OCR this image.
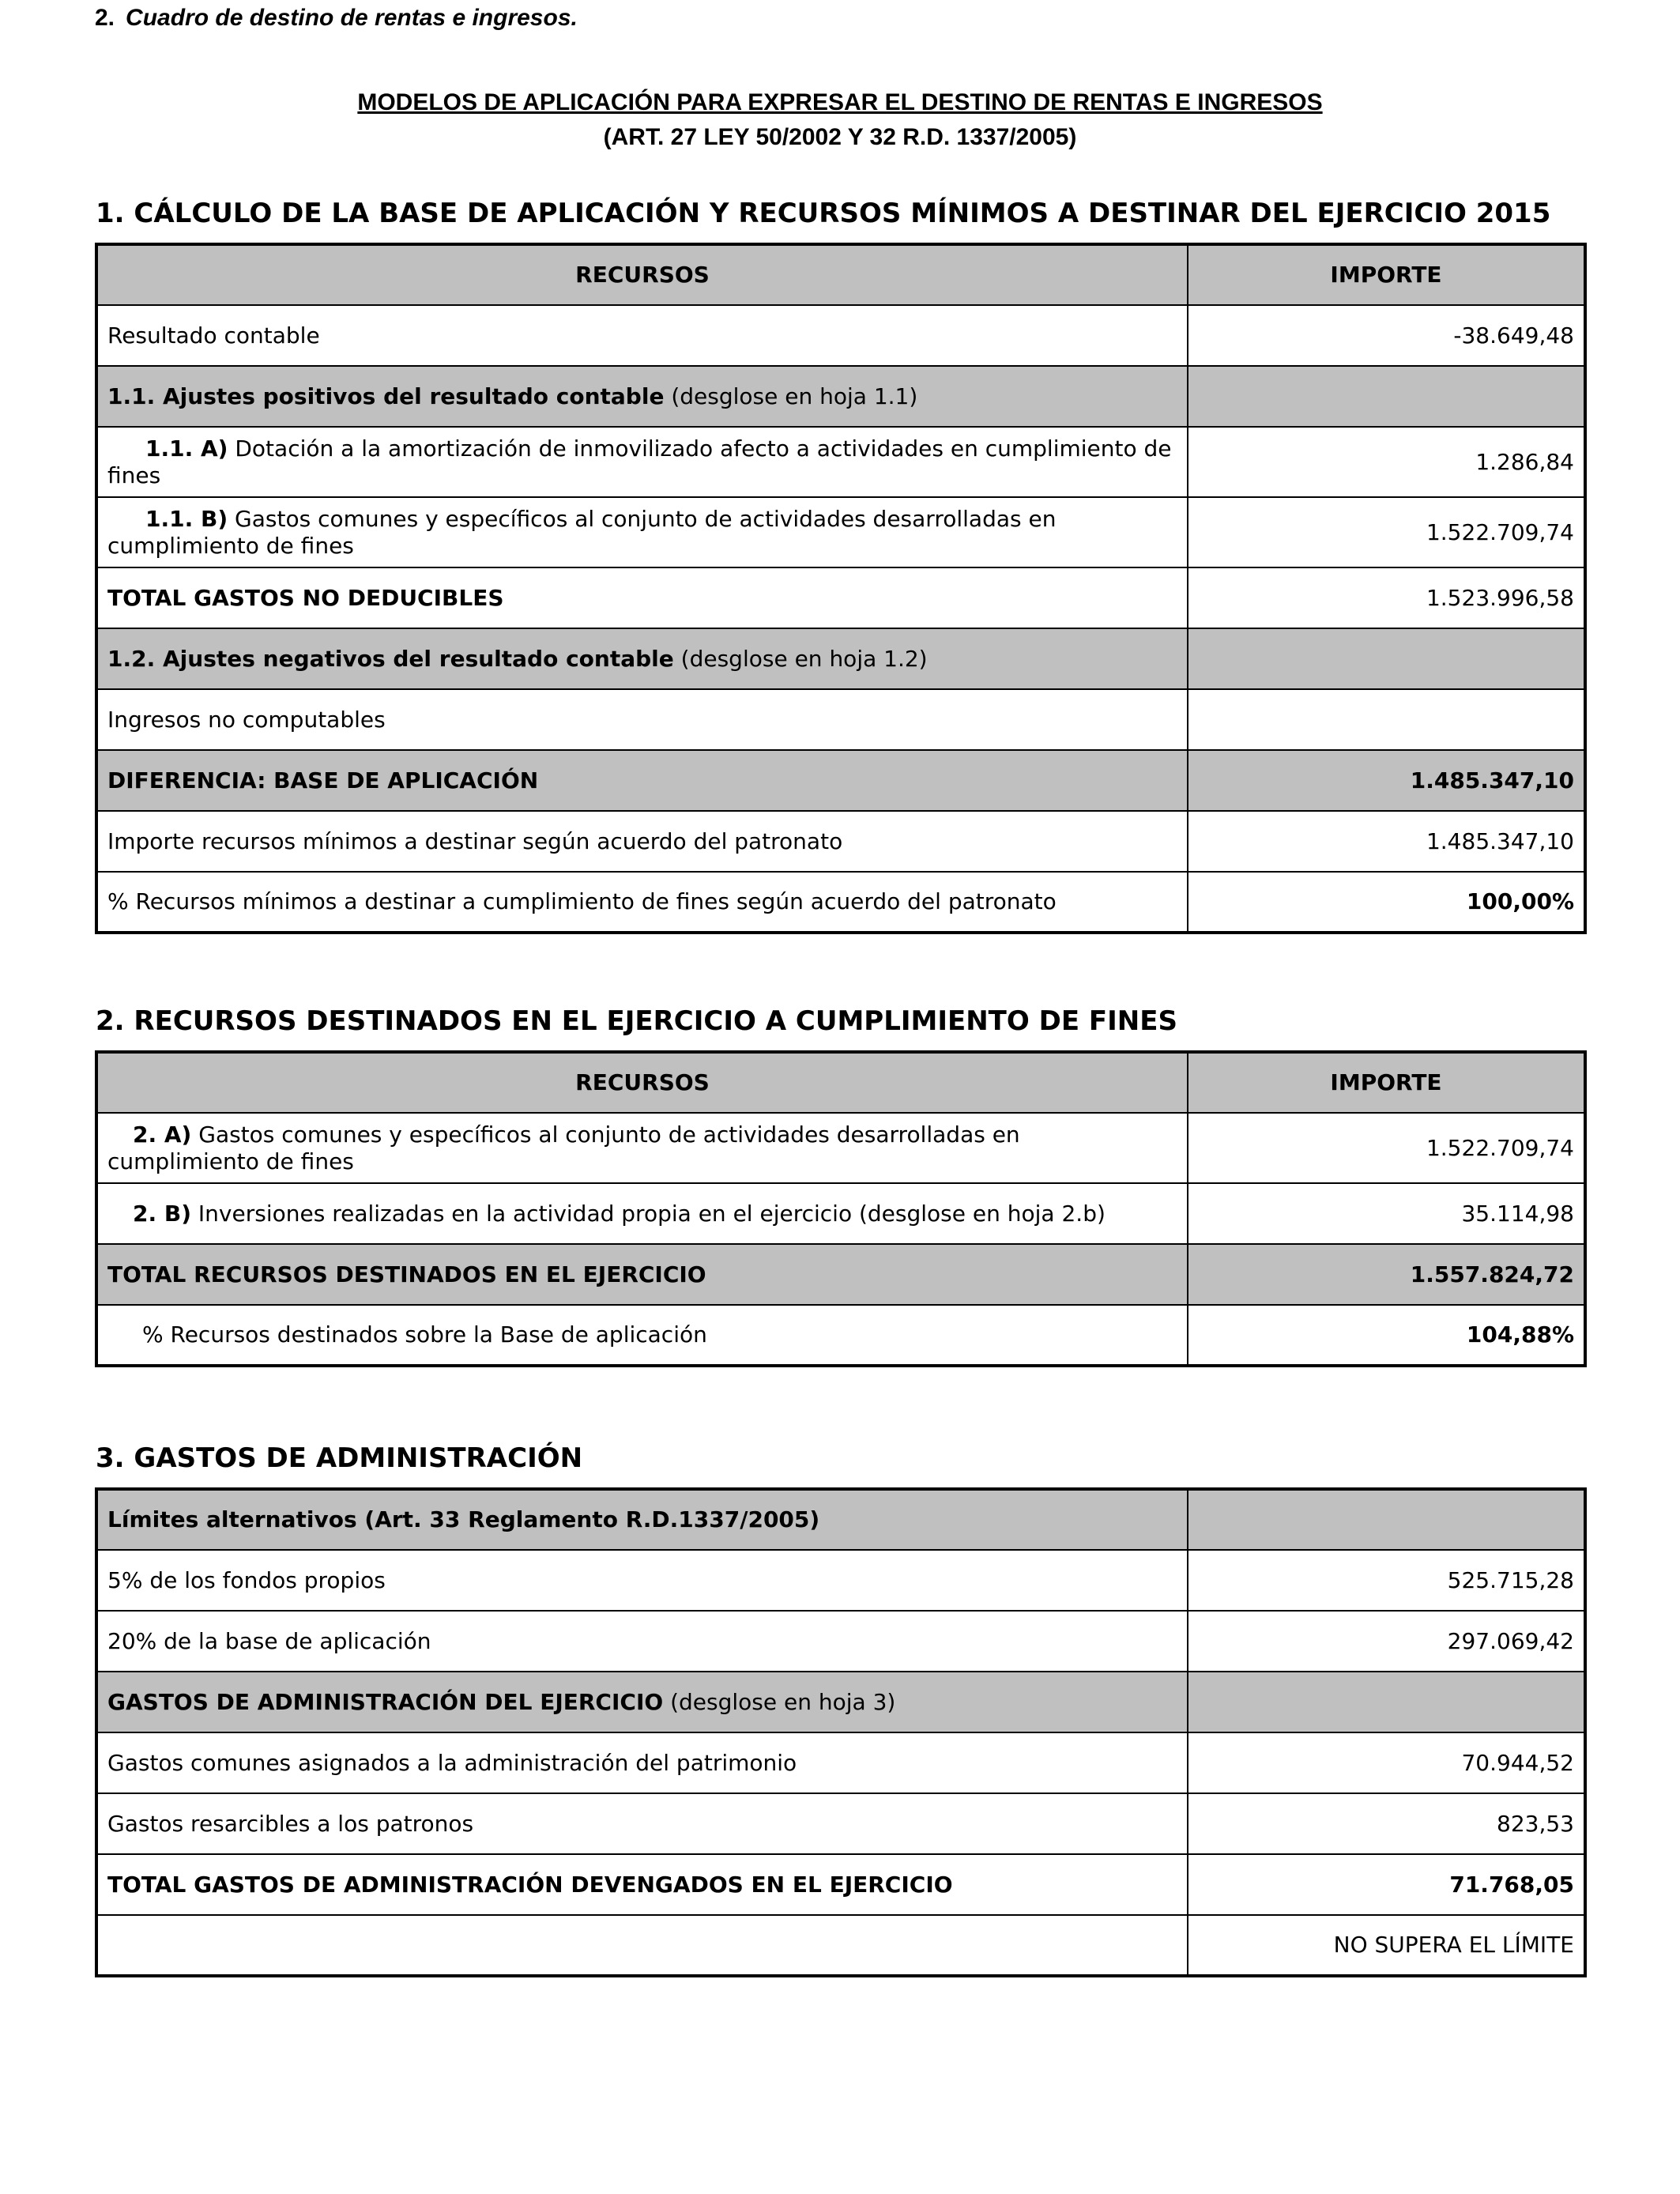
2. Cuadro de destino de rentas e ingresos.
MODELOS DE APLICACIÓN PARA EXPRESAR EL DESTINO DE RENTAS E INGRESOS
(ART. 27 LEY 50/2002 Y 32 R.D. 1337/2005)
1. CÁLCULO DE LA BASE DE APLICACIÓN Y RECURSOS MÍNIMOS A DESTINAR DEL EJERCICIO 2015
RECURSOS	IMPORTE
Resultado contable	-38.649,48
1.1. Ajustes positivos del resultado contable (desglose en hoja 1.1)	

1.1. A) Dotación a la amortización de inmovilizado afecto a actividades en cumplimiento de fines	1.286,84

1.1. B) Gastos comunes y específicos al conjunto de actividades desarrolladas en cumplimiento de fines	1.522.709,74
TOTAL GASTOS NO DEDUCIBLES	1.523.996,58
1.2. Ajustes negativos del resultado contable (desglose en hoja 1.2)	
Ingresos no computables	
DIFERENCIA: BASE DE APLICACIÓN	1.485.347,10
Importe recursos mínimos a destinar según acuerdo del patronato	1.485.347,10
% Recursos mínimos a destinar a cumplimiento de fines según acuerdo del patronato	100,00%
2. RECURSOS DESTINADOS EN EL EJERCICIO A CUMPLIMIENTO DE FINES
RECURSOS	IMPORTE

2. A) Gastos comunes y específicos al conjunto de actividades desarrolladas en cumplimiento de fines	1.522.709,74

2. B) Inversiones realizadas en la actividad propia en el ejercicio (desglose en hoja 2.b)	35.114,98
TOTAL RECURSOS DESTINADOS EN EL EJERCICIO	1.557.824,72
% Recursos destinados sobre la Base de aplicación	104,88%
3. GASTOS DE ADMINISTRACIÓN
Límites alternativos (Art. 33 Reglamento R.D.1337/2005)	
5% de los fondos propios	525.715,28
20% de la base de aplicación	297.069,42
GASTOS DE ADMINISTRACIÓN DEL EJERCICIO (desglose en hoja 3)	
Gastos comunes asignados a la administración del patrimonio	70.944,52
Gastos resarcibles a los patronos	823,53
TOTAL GASTOS DE ADMINISTRACIÓN DEVENGADOS EN EL EJERCICIO	71.768,05
	NO SUPERA EL LÍMITE
